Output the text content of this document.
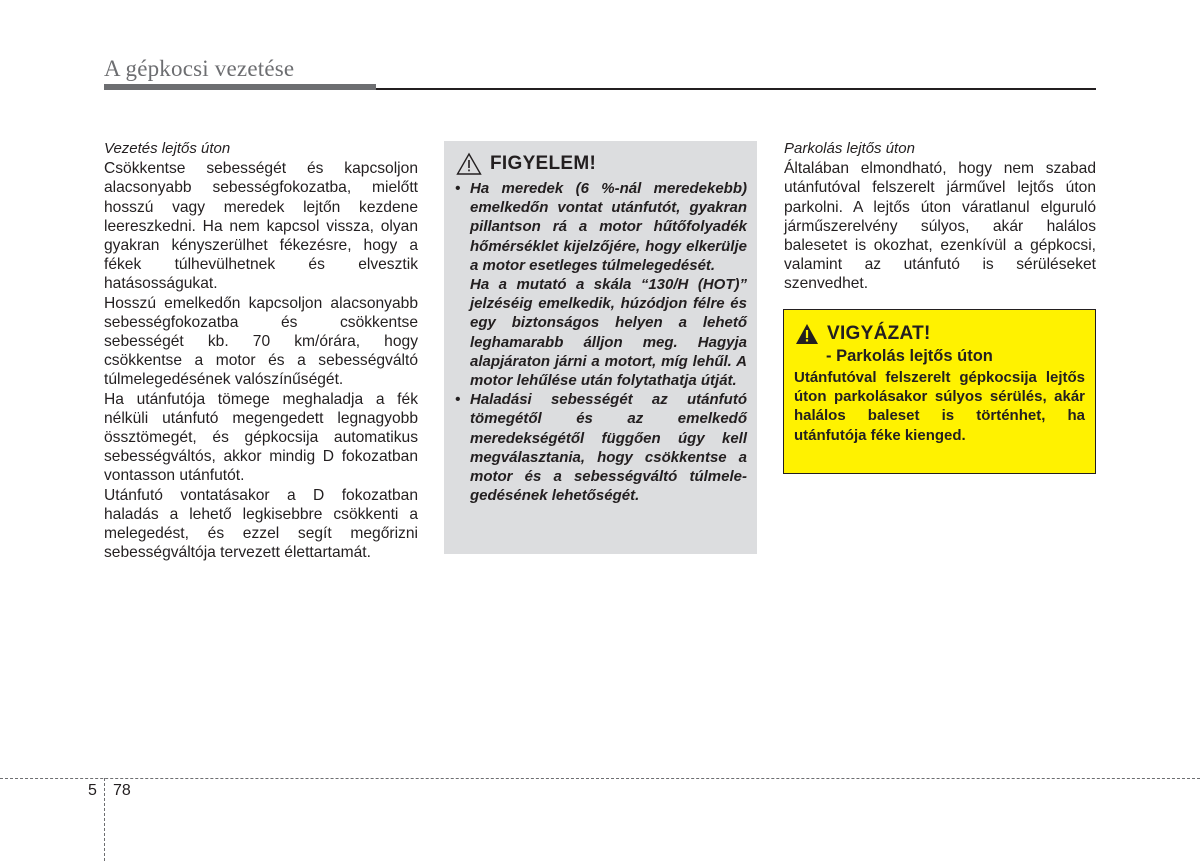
A gépkocsi vezetése

Vezetés lejtős úton

Csökkentse sebességét és kapcsoljon alacsonyabb sebességfokozatba, mielőtt hosszú vagy meredek lejtőn kezdene leereszkedni. Ha nem kapcsol vissza, olyan gyakran kényszerülhet fékezésre, hogy a fékek túlhevülhetnek és elvesztik hatásosságukat.

Hosszú emelkedőn kapcsoljon alacsonyabb sebességfokozatba és csökkentse sebességét kb. 70 km/órára, hogy csökkentse a motor és a sebességváltó túlmelegedésének valószínűségét.

Ha utánfutója tömege meghaladja a fék nélküli utánfutó megengedett legnagyobb össztömegét, és gépkocsija automatikus sebességváltós, akkor mindig D fokozatban vontasson utánfutót.

Utánfutó vontatásakor a D fokozatban haladás a lehető legkisebbre csökkenti a melegedést, és ezzel segít megőrizni sebességváltója tervezett élettartamát.

FIGYELEM!
• Ha meredek (6 %-nál meredekebb) emelkedőn vontat utánfutót, gyakran pillantson rá a motor hűtőfolyadék hőmérséklet kijelzőjére, hogy elkerülje a motor esetleges túlmelegedését.

Ha a mutató a skála “130/H (HOT)” jelzéséig emelkedik, húzódjon félre és egy biztonságos helyen a lehető leghamarabb álljon meg. Hagyja alapjáraton járni a motort, míg lehűl. A motor lehűlése után folytathatja útját.

• Haladási sebességét az utánfutó tömegétől és az emelkedő meredekségétől függően úgy kell megválasztania, hogy csökkentse a motor és a sebességváltó túlmele-gedésének lehetőségét.

Parkolás lejtős úton

Általában elmondható, hogy nem szabad utánfutóval felszerelt járművel lejtős úton parkolni. A lejtős úton váratlanul elguruló járműszerelvény súlyos, akár halálos balesetet is okozhat, ezenkívül a gépkocsi, valamint az utánfutó is sérüléseket szenvedhet.

VIGYÁZAT!
- Parkolás lejtős úton
Utánfutóval felszerelt gépkocsija lejtős úton parkolásakor súlyos sérülés, akár halálos baleset is történhet, ha utánfutója féke kienged.
5 78
